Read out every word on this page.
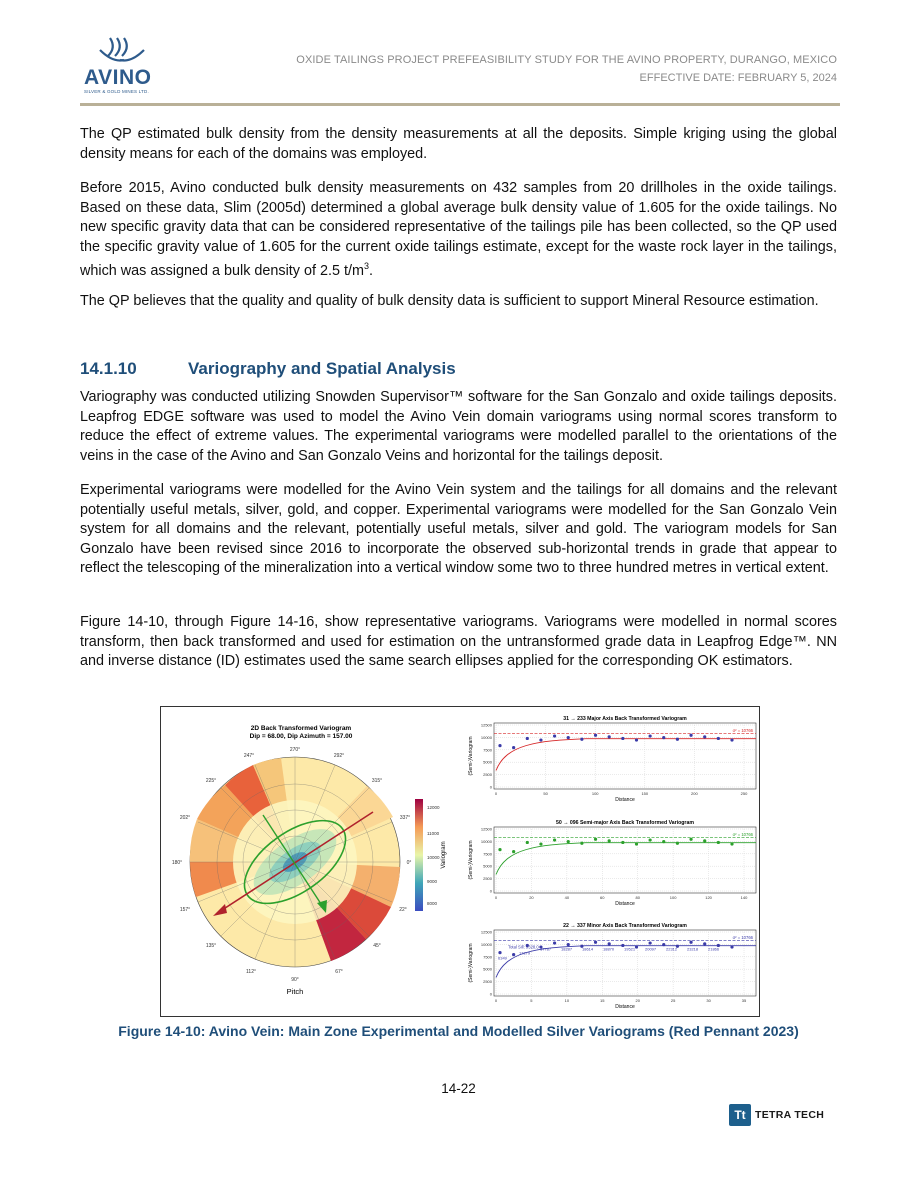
AVINO
SILVER & GOLD MINES LTD.
OXIDE TAILINGS PROJECT PREFEASIBILITY STUDY FOR THE AVINO PROPERTY, DURANGO, MEXICO
EFFECTIVE DATE: FEBRUARY 5, 2024
The QP estimated bulk density from the density measurements at all the deposits. Simple kriging using the global density means for each of the domains was employed.
Before 2015, Avino conducted bulk density measurements on 432 samples from 20 drillholes in the oxide tailings. Based on these data, Slim (2005d) determined a global average bulk density value of 1.605 for the oxide tailings. No new specific gravity data that can be considered representative of the tailings pile has been collected, so the QP used the specific gravity value of 1.605 for the current oxide tailings estimate, except for the waste rock layer in the tailings, which was assigned a bulk density of 2.5 $t/m^3$.
The QP believes that the quality and quality of bulk density data is sufficient to support Mineral Resource estimation.
14.1.10	Variography and Spatial Analysis
Variography was conducted utilizing Snowden Supervisor™ software for the San Gonzalo and oxide tailings deposits. Leapfrog EDGE software was used to model the Avino Vein domain variograms using normal scores transform to reduce the effect of extreme values. The experimental variograms were modelled parallel to the orientations of the veins in the case of the Avino and San Gonzalo Veins and horizontal for the tailings deposit.
Experimental variograms were modelled for the Avino Vein system and the tailings for all domains and the relevant potentially useful metals, silver, gold, and copper. Experimental variograms were modelled for the San Gonzalo Vein system for all domains and the relevant, potentially useful metals, silver and gold. The variogram models for San Gonzalo have been revised since 2016 to incorporate the observed sub-horizontal trends in grade that appear to reflect the telescoping of the mineralization into a vertical window some two to three hundred metres in vertical extent.
Figure 14-10, through Figure 14-16, show representative variograms. Variograms were modelled in normal scores transform, then back transformed and used for estimation on the untransformed grade data in Leapfrog Edge™. NN and inverse distance (ID) estimates used the same search ellipses applied for the corresponding OK estimators.
2D Back Transformed Variogram
Dip = 68.00, Dip Azimuth = 157.00
270°
292°
315°
337°
0°
22°
45°
67°
90°
112°
135°
157°
180°
202°
225°
247°
Pitch
12000
11000
10000
9000
8000
Variogram
31 → 233 Major Axis Back Transformed Variogram
12500
10000
7500
5000
2500
0
0	50	100	150	200	250
Distance
(Semi-)Variogram
σ² = 10766
50 → 096 Semi-major Axis Back Transformed Variogram
12500
10000
7500
5000
2500
0
0	20	40	60	80	100	120	140
Distance
(Semi-)Variogram
σ² = 10766
22 → 337 Minor Axis Back Transformed Variogram
12500
10000
7500
5000
2500
0
0	5	10	15	20	25	30	35
Distance
(Semi-)Variogram
σ² = 10766
Total Sill: 9328.0
6349
17279
17787 18287 18614 18870 19521 20097 22312 23218 21866
Figure 14-10: Avino Vein: Main Zone Experimental and Modelled Silver Variograms (Red Pennant 2023)
14-22
Tt TETRA TECH
